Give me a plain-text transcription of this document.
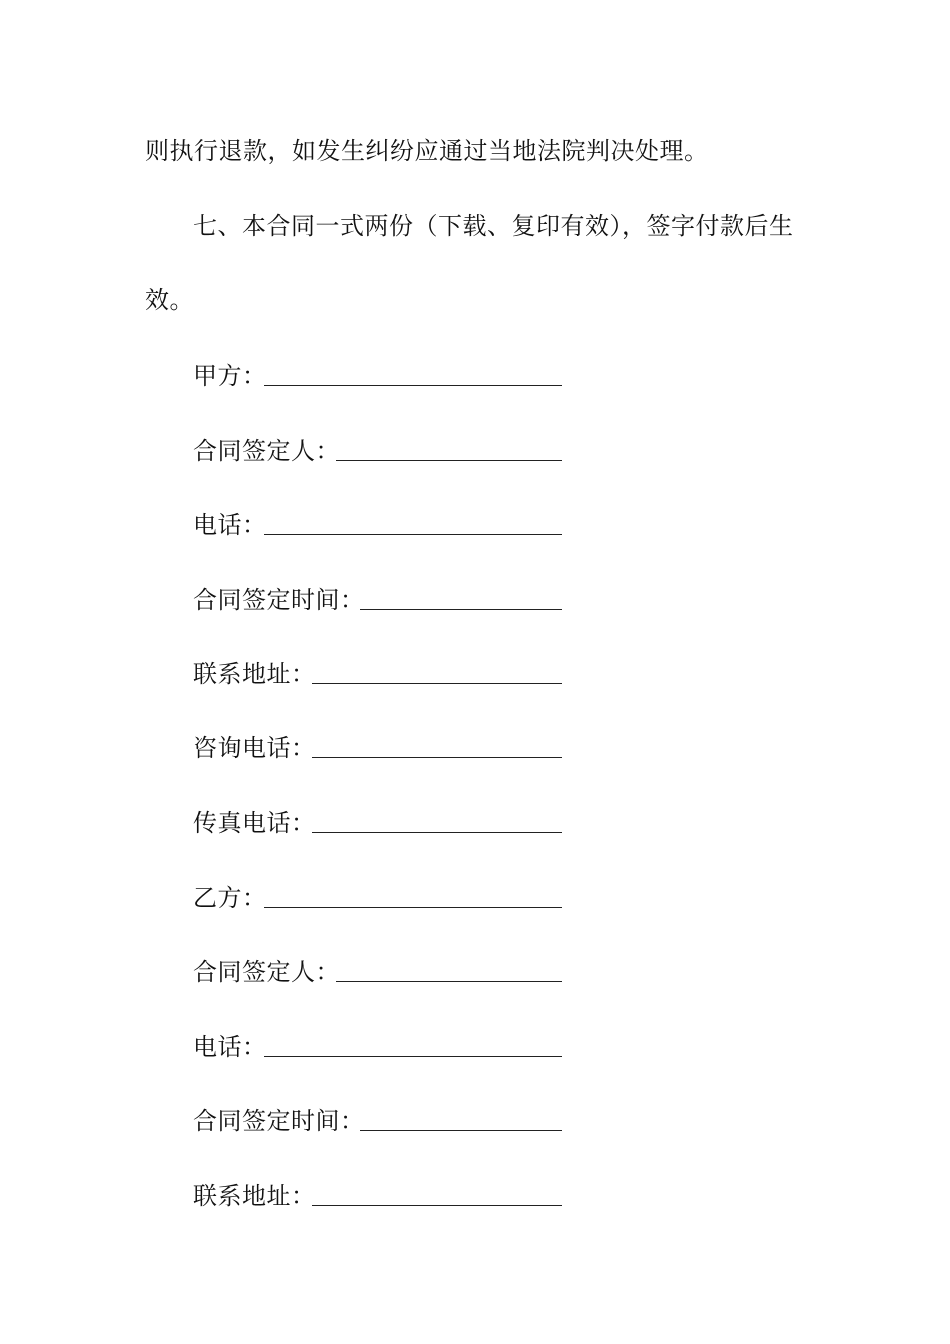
则执行退款，如发生纠纷应通过当地法院判决处理。
七、本合同一式两份（下载、复印有效），签字付款后生
效。
甲方：
合同签定人：
电话：
合同签定时间：
联系地址：
咨询电话：
传真电话：
乙方：
合同签定人：
电话：
合同签定时间：
联系地址：
